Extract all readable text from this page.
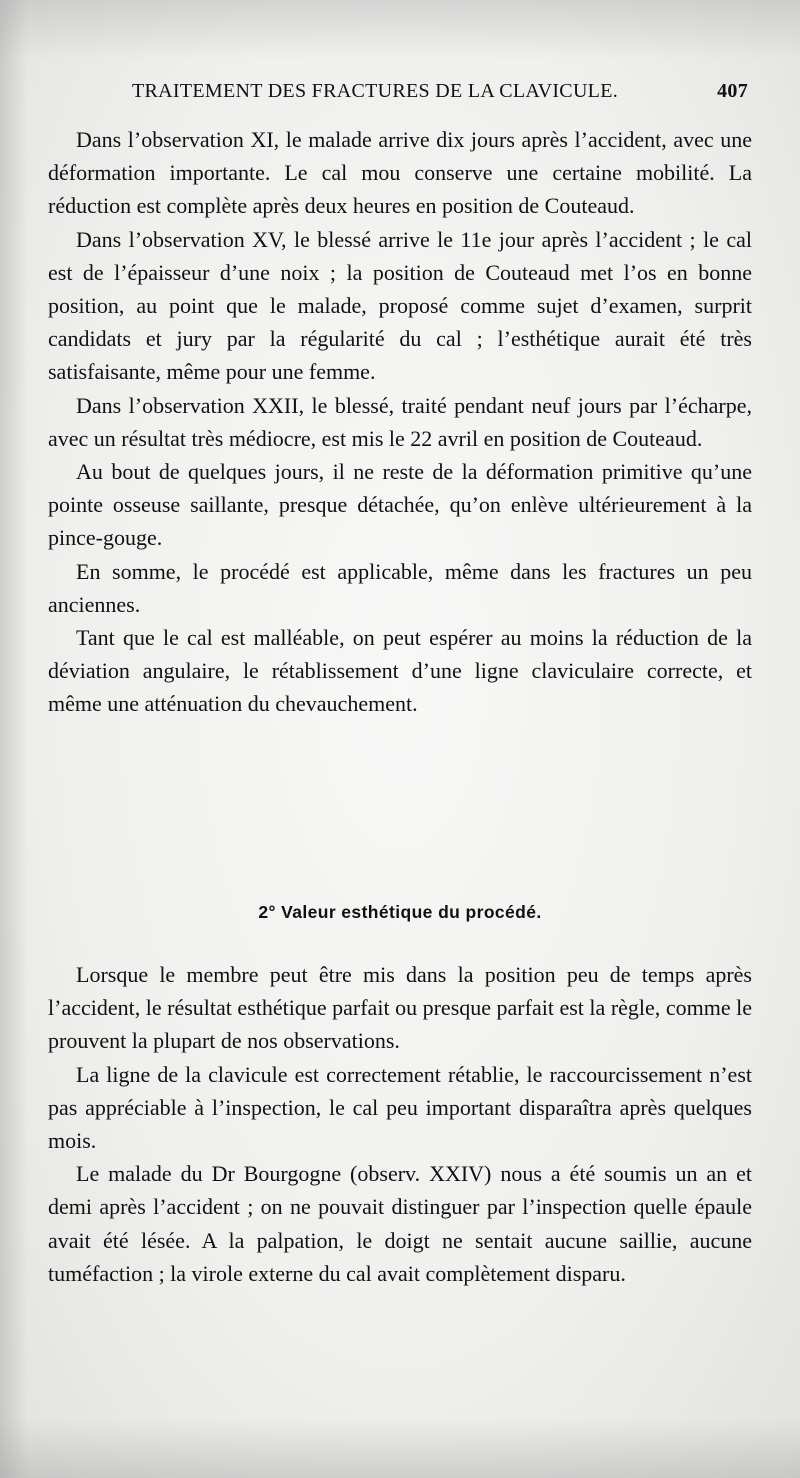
TRAITEMENT DES FRACTURES DE LA CLAVICULE.	407

Dans l’observation XI, le malade arrive dix jours après l’accident, avec une déformation importante. Le cal mou conserve une certaine mobilité. La réduction est complète après deux heures en position de Couteaud.

Dans l’observation XV, le blessé arrive le 11e jour après l’accident ; le cal est de l’épaisseur d’une noix ; la position de Couteaud met l’os en bonne position, au point que le malade, proposé comme sujet d’examen, surprit candidats et jury par la régularité du cal ; l’esthétique aurait été très satisfaisante, même pour une femme.

Dans l’observation XXII, le blessé, traité pendant neuf jours par l’écharpe, avec un résultat très médiocre, est mis le 22 avril en position de Couteaud.

Au bout de quelques jours, il ne reste de la déformation primitive qu’une pointe osseuse saillante, presque détachée, qu’on enlève ultérieurement à la pince-gouge.

En somme, le procédé est applicable, même dans les fractures un peu anciennes.

Tant que le cal est malléable, on peut espérer au moins la réduction de la déviation angulaire, le rétablissement d’une ligne claviculaire correcte, et même une atténuation du chevauchement.

2° Valeur esthétique du procédé.

Lorsque le membre peut être mis dans la position peu de temps après l’accident, le résultat esthétique parfait ou presque parfait est la règle, comme le prouvent la plupart de nos observations.

La ligne de la clavicule est correctement rétablie, le raccourcissement n’est pas appréciable à l’inspection, le cal peu important disparaîtra après quelques mois.

Le malade du Dr Bourgogne (observ. XXIV) nous a été soumis un an et demi après l’accident ; on ne pouvait distinguer par l’inspection quelle épaule avait été lésée. A la palpation, le doigt ne sentait aucune saillie, aucune tuméfaction ; la virole externe du cal avait complètement disparu.
